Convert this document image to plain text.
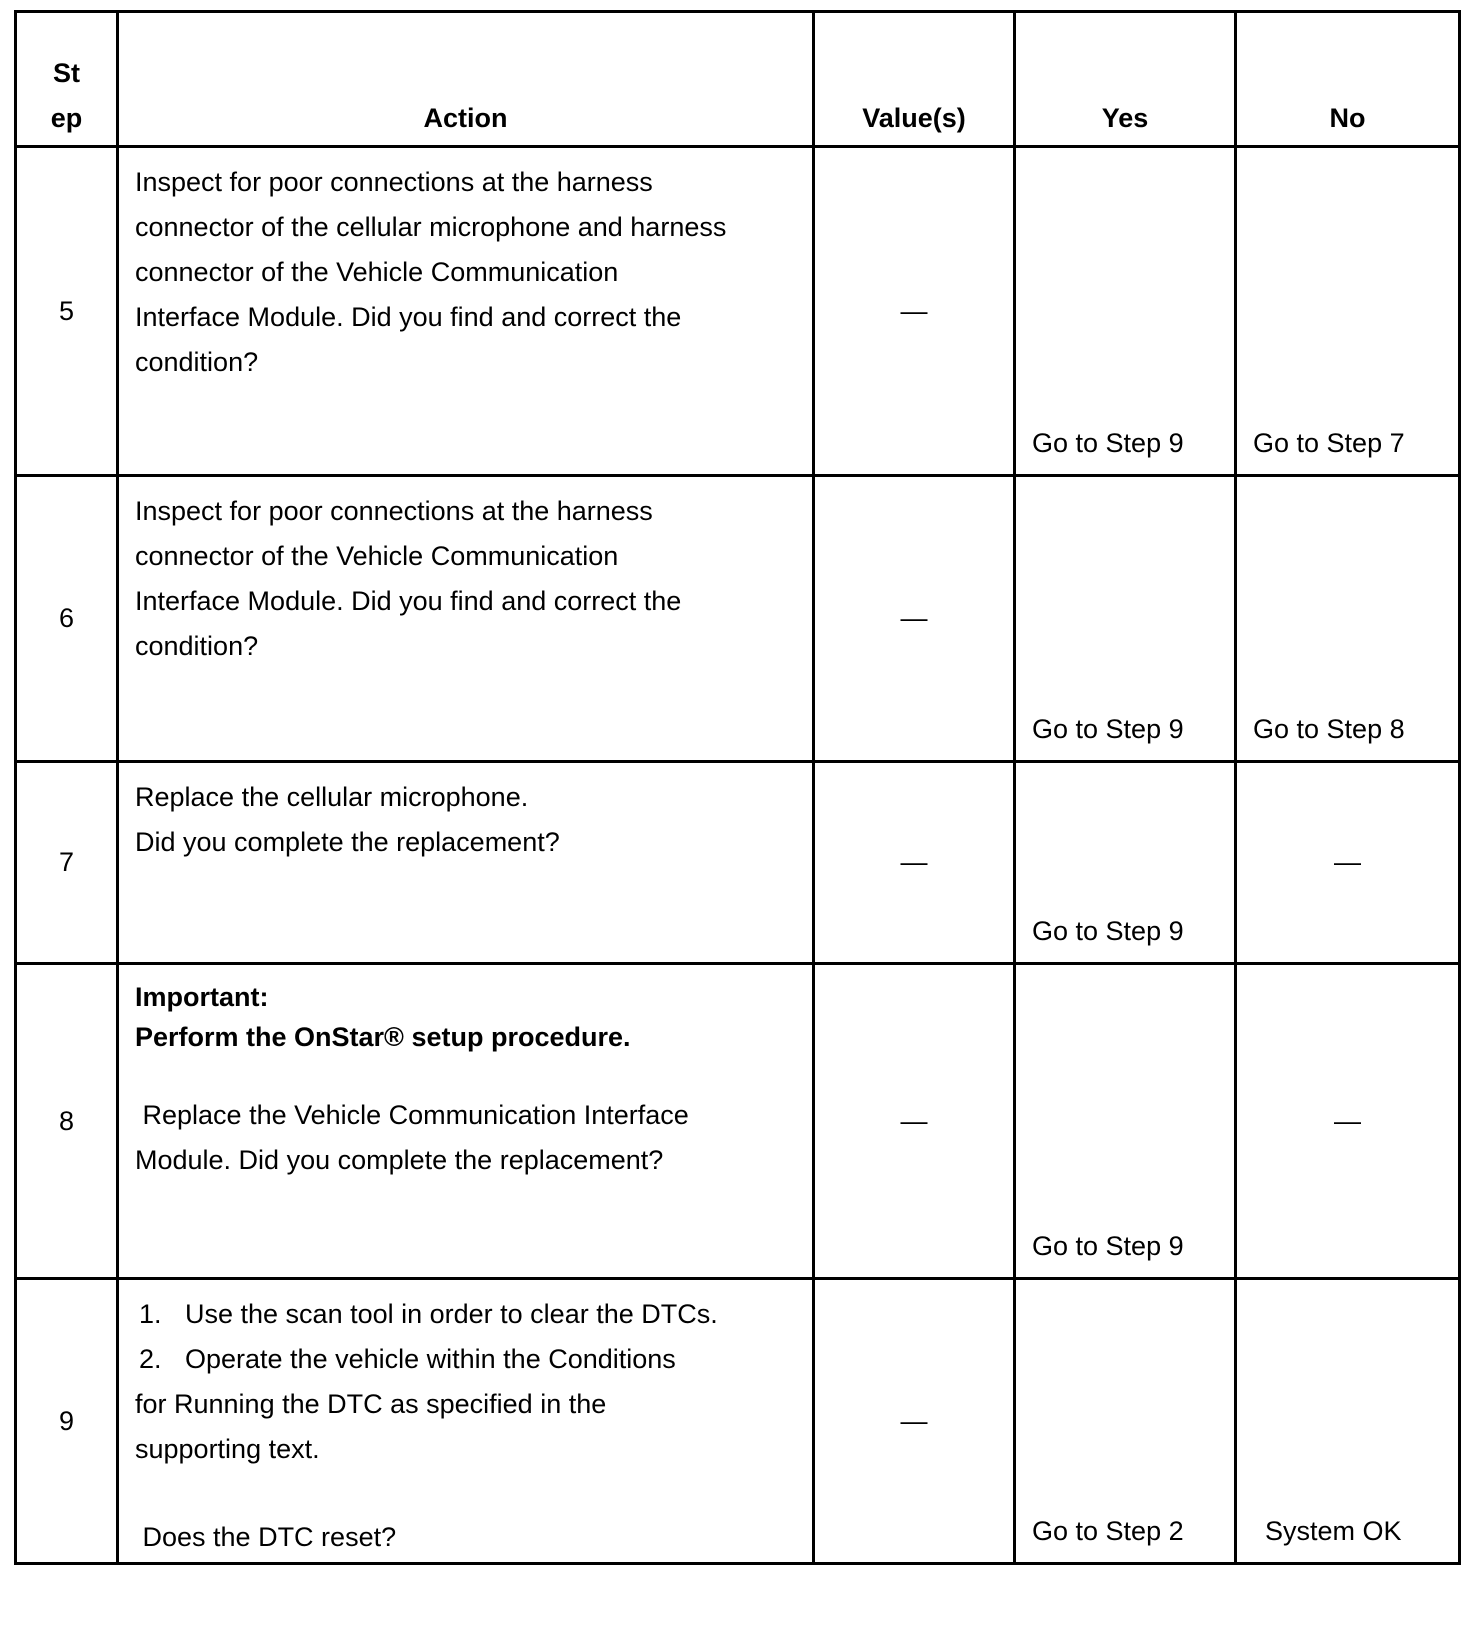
St
ep	Action	Value(s)	Yes	No
5	Inspect for poor connections at the harness
connector of the cellular microphone and harness
connector of the Vehicle Communication
Interface Module. Did you find and correct the
condition?	—	Go to Step 9	Go to Step 7
6	Inspect for poor connections at the harness
connector of the Vehicle Communication
Interface Module. Did you find and correct the
condition?	—	Go to Step 9	Go to Step 8
7	Replace the cellular microphone.
Did you complete the replacement?	—	Go to Step 9	—
8	Important:
Perform the OnStar® setup procedure.
Replace the Vehicle Communication Interface
Module. Did you complete the replacement?	—	Go to Step 9	—
9	1. Use the scan tool in order to clear the DTCs.
2. Operate the vehicle within the Conditions
for Running the DTC as specified in the
supporting text.
Does the DTC reset?	—	Go to Step 2	System OK
